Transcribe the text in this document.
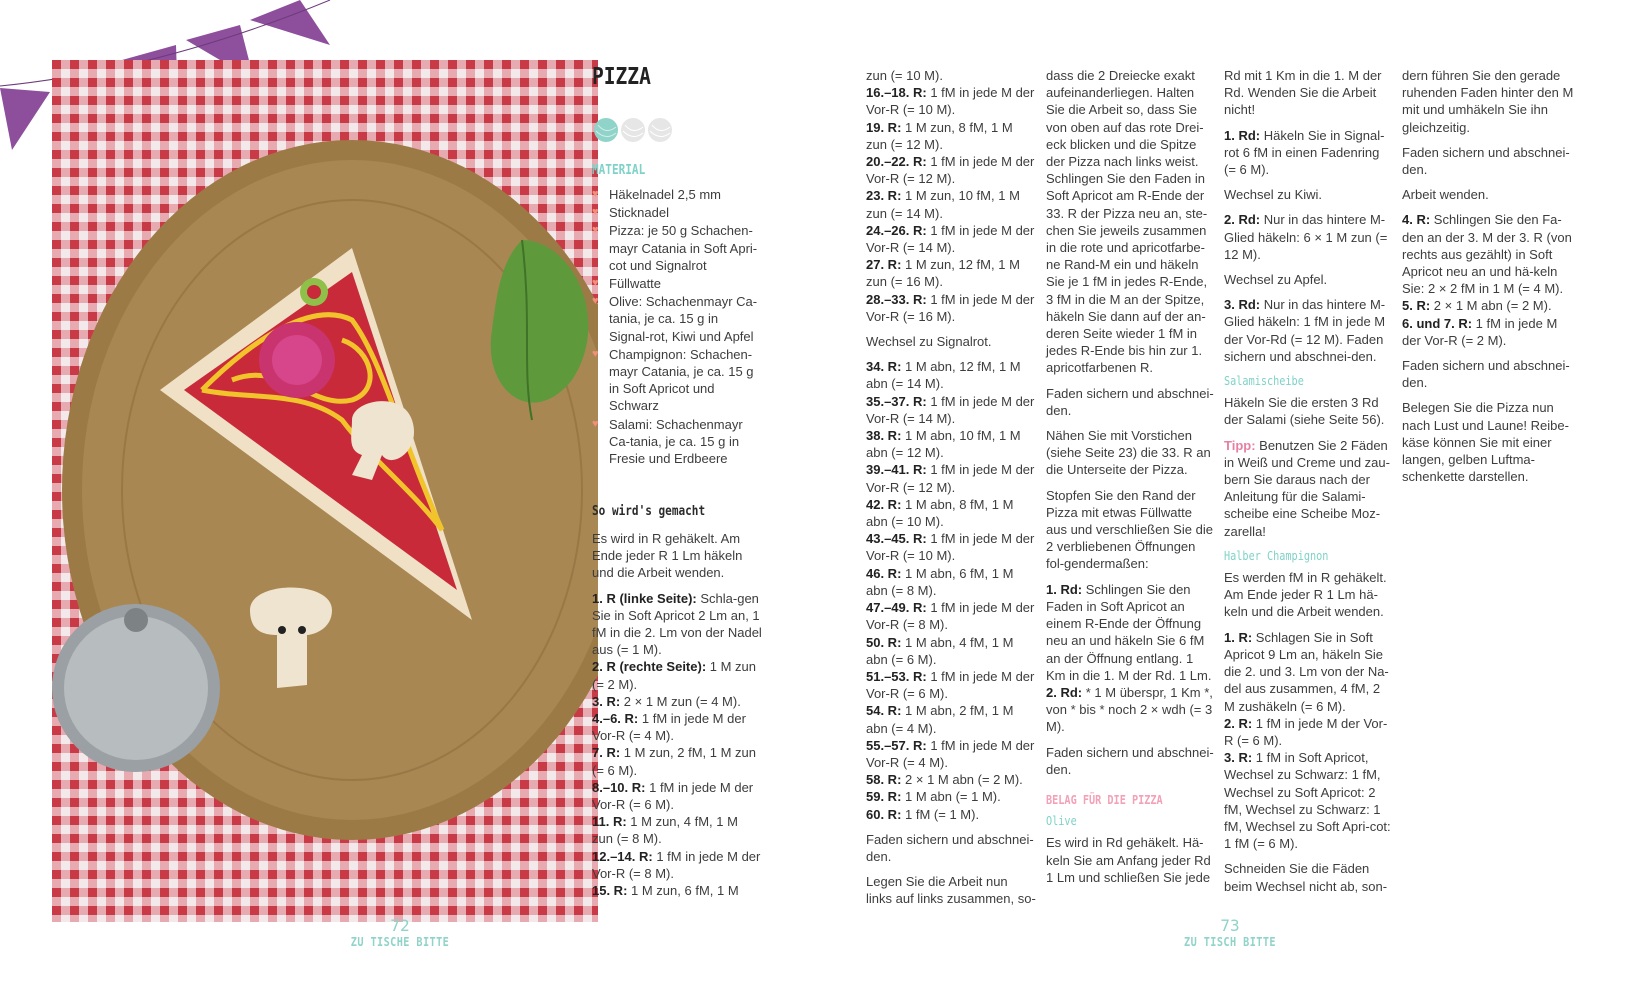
PIZZA
MATERIAL
♥ Häkelnadel 2,5 mm
♥ Sticknadel
♥ Pizza: je 50 g Schachen-mayr Catania in Soft Apri-cot und Signalrot
♥ Füllwatte
♥ Olive: Schachenmayr Ca-tania, je ca. 15 g in Signal-rot, Kiwi und Apfel
♥ Champignon: Schachen-mayr Catania, je ca. 15 g in Soft Apricot und Schwarz
♥ Salami: Schachenmayr Ca-tania, je ca. 15 g in Fresie und Erdbeere
So wird's gemacht

Es wird in R gehäkelt. Am Ende jeder R 1 Lm häkeln und die Arbeit wenden.

1. R (linke Seite): Schla-gen Sie in Soft Apricot 2 Lm an, 1 fM in die 2. Lm von der Nadel aus (= 1 M).

2. R (rechte Seite): 1 M zun (= 2 M).

3. R: 2 × 1 M zun (= 4 M).

4.–6. R: 1 fM in jede M der Vor-R (= 4 M).

7. R: 1 M zun, 2 fM, 1 M zun (= 6 M).

8.–10. R: 1 fM in jede M der Vor-R (= 6 M).

11. R: 1 M zun, 4 fM, 1 M zun (= 8 M).

12.–14. R: 1 fM in jede M der Vor-R (= 8 M).

15. R: 1 M zun, 6 fM, 1 M

72
ZU TISCHE BITTE

zun (= 10 M).

16.–18. R: 1 fM in jede M der Vor-R (= 10 M).

19. R: 1 M zun, 8 fM, 1 M zun (= 12 M).

20.–22. R: 1 fM in jede M der Vor-R (= 12 M).

23. R: 1 M zun, 10 fM, 1 M zun (= 14 M).

24.–26. R: 1 fM in jede M der Vor-R (= 14 M).

27. R: 1 M zun, 12 fM, 1 M zun (= 16 M).

28.–33. R: 1 fM in jede M der Vor-R (= 16 M).

Wechsel zu Signalrot.

34. R: 1 M abn, 12 fM, 1 M abn (= 14 M).

35.–37. R: 1 fM in jede M der Vor-R (= 14 M).

38. R: 1 M abn, 10 fM, 1 M abn (= 12 M).

39.–41. R: 1 fM in jede M der Vor-R (= 12 M).

42. R: 1 M abn, 8 fM, 1 M abn (= 10 M).

43.–45. R: 1 fM in jede M der Vor-R (= 10 M).

46. R: 1 M abn, 6 fM, 1 M abn (= 8 M).

47.–49. R: 1 fM in jede M der Vor-R (= 8 M).

50. R: 1 M abn, 4 fM, 1 M abn (= 6 M).

51.–53. R: 1 fM in jede M der Vor-R (= 6 M).

54. R: 1 M abn, 2 fM, 1 M abn (= 4 M).

55.–57. R: 1 fM in jede M der Vor-R (= 4 M).

58. R: 2 × 1 M abn (= 2 M).

59. R: 1 M abn (= 1 M).

60. R: 1 fM (= 1 M).

Faden sichern und abschnei-den.

Legen Sie die Arbeit nun links auf links zusammen, so-

dass die 2 Dreiecke exakt aufeinanderliegen. Halten Sie die Arbeit so, dass Sie von oben auf das rote Drei-eck blicken und die Spitze der Pizza nach links weist. Schlingen Sie den Faden in Soft Apricot am R-Ende der 33. R der Pizza neu an, ste-chen Sie jeweils zusammen in die rote und apricotfarbe-ne Rand-M ein und häkeln Sie je 1 fM in jedes R-Ende, 3 fM in die M an der Spitze, häkeln Sie dann auf der an-deren Seite wieder 1 fM in jedes R-Ende bis hin zur 1. apricotfarbenen R.

Faden sichern und abschnei-den.

Nähen Sie mit Vorstichen (siehe Seite 23) die 33. R an die Unterseite der Pizza.

Stopfen Sie den Rand der Pizza mit etwas Füllwatte aus und verschließen Sie die 2 verbliebenen Öffnungen fol-gendermaßen:

1. Rd: Schlingen Sie den Faden in Soft Apricot an einem R-Ende der Öffnung neu an und häkeln Sie 6 fM an der Öffnung entlang. 1 Km in die 1. M der Rd. 1 Lm.

2. Rd: * 1 M überspr, 1 Km *, von * bis * noch 2 × wdh (= 3 M).

Faden sichern und abschnei-den.

BELAG FÜR DIE PIZZA
Olive

Es wird in Rd gehäkelt. Hä-keln Sie am Anfang jeder Rd 1 Lm und schließen Sie jede

Rd mit 1 Km in die 1. M der Rd. Wenden Sie die Arbeit nicht!

1. Rd: Häkeln Sie in Signal-rot 6 fM in einen Fadenring (= 6 M).

Wechsel zu Kiwi.

2. Rd: Nur in das hintere M-Glied häkeln: 6 × 1 M zun (= 12 M).

Wechsel zu Apfel.

3. Rd: Nur in das hintere M-Glied häkeln: 1 fM in jede M der Vor-Rd (= 12 M). Faden sichern und abschnei-den.

Salamischeibe

Häkeln Sie die ersten 3 Rd der Salami (siehe Seite 56).

Tipp: Benutzen Sie 2 Fäden in Weiß und Creme und zau-bern Sie daraus nach der Anleitung für die Salami-scheibe eine Scheibe Moz-zarella!

Halber Champignon

Es werden fM in R gehäkelt. Am Ende jeder R 1 Lm hä-keln und die Arbeit wenden.

1. R: Schlagen Sie in Soft Apricot 9 Lm an, häkeln Sie die 2. und 3. Lm von der Na-del aus zusammen, 4 fM, 2 M zushäkeln (= 6 M).

2. R: 1 fM in jede M der Vor-R (= 6 M).

3. R: 1 fM in Soft Apricot, Wechsel zu Schwarz: 1 fM, Wechsel zu Soft Apricot: 2 fM, Wechsel zu Schwarz: 1 fM, Wechsel zu Soft Apri-cot: 1 fM (= 6 M).

Schneiden Sie die Fäden beim Wechsel nicht ab, son-

dern führen Sie den gerade ruhenden Faden hinter den M mit und umhäkeln Sie ihn gleichzeitig.

Faden sichern und abschnei-den.

Arbeit wenden.

4. R: Schlingen Sie den Fa-den an der 3. M der 3. R (von rechts aus gezählt) in Soft Apricot neu an und hä-keln Sie: 2 × 2 fM in 1 M (= 4 M).

5. R: 2 × 1 M abn (= 2 M).

6. und 7. R: 1 fM in jede M der Vor-R (= 2 M).

Faden sichern und abschnei-den.

Belegen Sie die Pizza nun nach Lust und Laune! Reibe-käse können Sie mit einer langen, gelben Luftma-schenkette darstellen.

73
ZU TISCH BITTE
